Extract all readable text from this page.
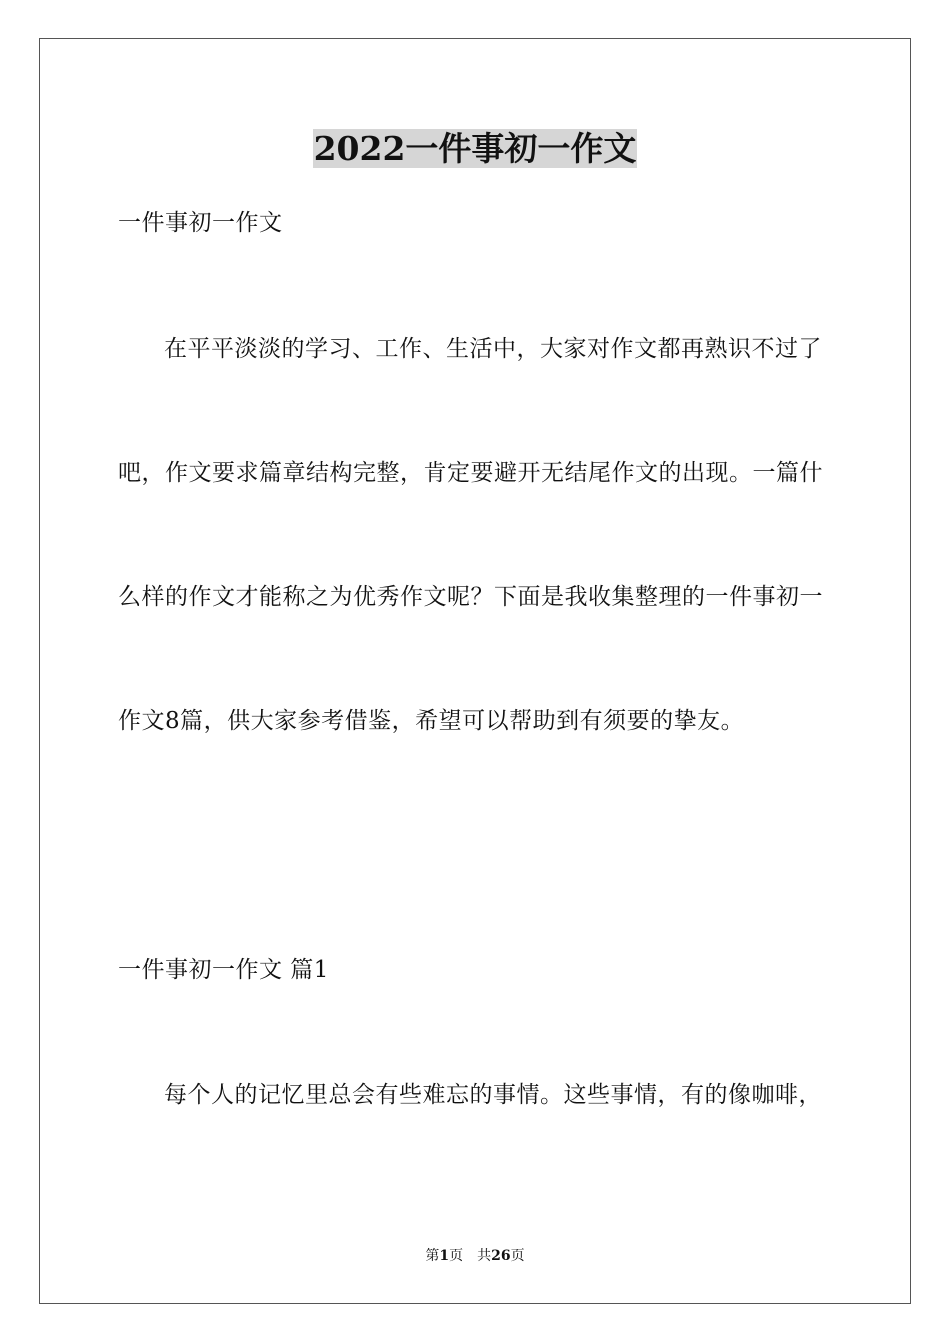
2022一件事初一作文

一件事初一作文

在平平淡淡的学习、工作、生活中，大家对作文都再熟识不过了

吧，作文要求篇章结构完整，肯定要避开无结尾作文的出现。一篇什

么样的作文才能称之为优秀作文呢？下面是我收集整理的一件事初一

作文8篇，供大家参考借鉴，希望可以帮助到有须要的挚友。

一件事初一作文 篇1

每个人的记忆里总会有些难忘的事情。这些事情，有的像咖啡，

第1页　共26页
